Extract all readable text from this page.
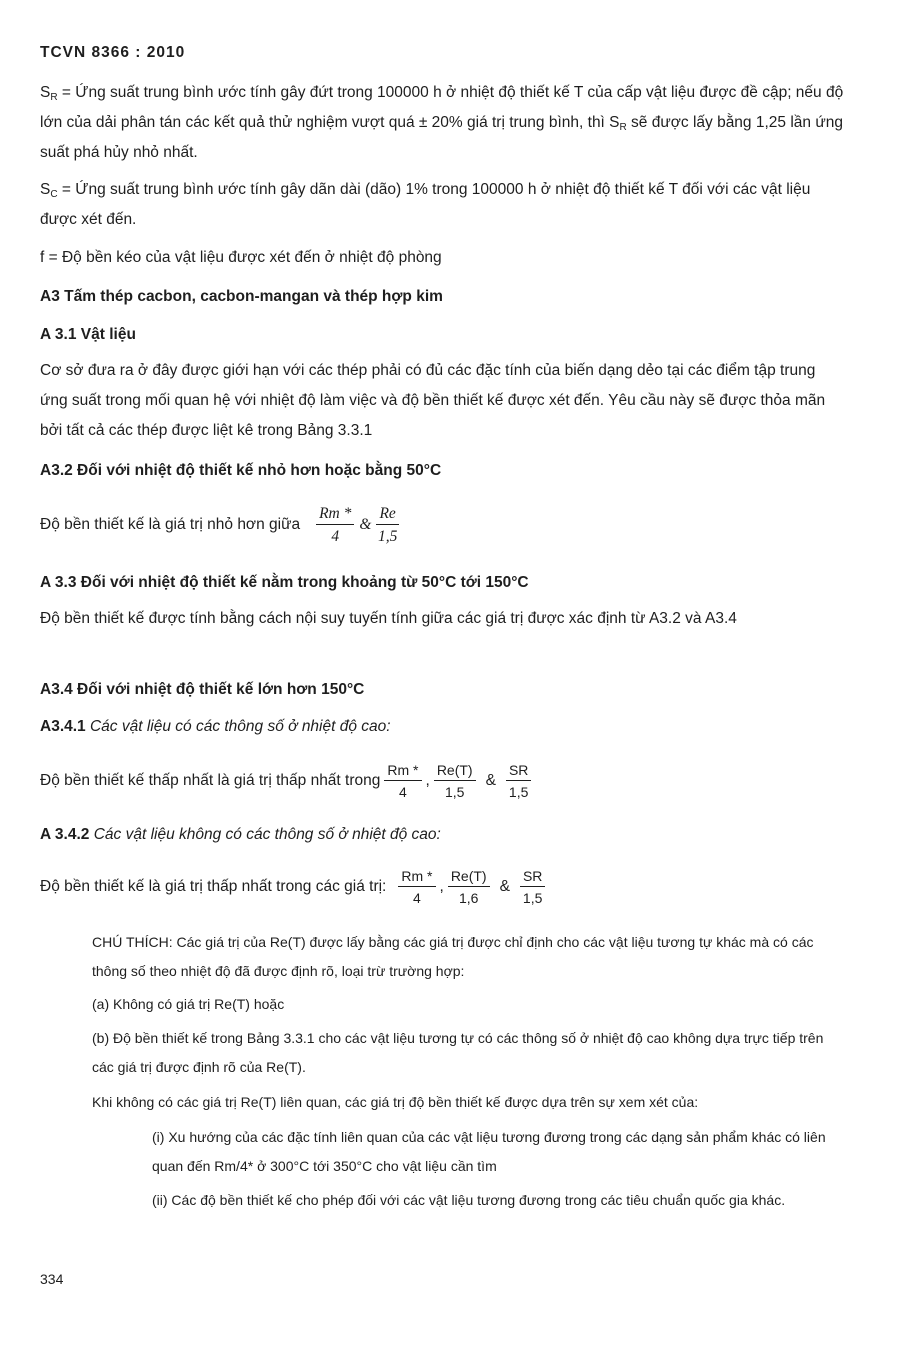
TCVN 8366 : 2010

$S_R$ = Ứng suất trung bình ước tính gây đứt trong 100000 h ở nhiệt độ thiết kế T của cấp vật liệu được đề cập; nếu độ lớn của dải phân tán các kết quả thử nghiệm vượt quá ± 20% giá trị trung bình, thì $S_R$ sẽ được lấy bằng 1,25 lần ứng suất phá hủy nhỏ nhất.

$S_C$ = Ứng suất trung bình ước tính gây dãn dài (dão) 1% trong 100000 h ở nhiệt độ thiết kế T đối với các vật liệu được xét đến.

f = Độ bền kéo của vật liệu được xét đến ở nhiệt độ phòng

A3 Tấm thép cacbon, cacbon-mangan và thép hợp kim

A 3.1 Vật liệu

Cơ sở đưa ra ở đây được giới hạn với các thép phải có đủ các đặc tính của biến dạng dẻo tại các điểm tập trung ứng suất trong mối quan hệ với nhiệt độ làm việc và độ bền thiết kế được xét đến. Yêu cầu này sẽ được thỏa mãn bởi tất cả các thép được liệt kê trong Bảng 3.3.1

A3.2 Đối với nhiệt độ thiết kế nhỏ hơn hoặc bằng 50°C

Độ bền thiết kế là giá trị nhỏ hơn giữa $\frac{Rm *}{4}$ & $\frac{Re}{1,5}$

A 3.3 Đối với nhiệt độ thiết kế nằm trong khoảng từ 50°C tới 150°C

Độ bền thiết kế được tính bằng cách nội suy tuyến tính giữa các giá trị được xác định từ A3.2 và A3.4

A3.4 Đối với nhiệt độ thiết kế lớn hơn 150°C

A3.4.1 Các vật liệu có các thông số ở nhiệt độ cao:

Độ bền thiết kế thấp nhất là giá trị thấp nhất trong $\frac{Rm *}{4}$ , $\frac{Re(T)}{1,5}$ & $\frac{SR}{1,5}$

A 3.4.2 Các vật liệu không có các thông số ở nhiệt độ cao:

Độ bền thiết kế là giá trị thấp nhất trong các giá trị: $\frac{Rm *}{4}$ , $\frac{Re(T)}{1,6}$ & $\frac{SR}{1,5}$

CHÚ THÍCH: Các giá trị của Re(T) được lấy bằng các giá trị được chỉ định cho các vật liệu tương tự khác mà có các thông số theo nhiệt độ đã được định rõ, loại trừ trường hợp:

(a) Không có giá trị Re(T) hoặc

(b) Độ bền thiết kế trong Bảng 3.3.1 cho các vật liệu tương tự có các thông số ở nhiệt độ cao không dựa trực tiếp trên các giá trị được định rõ của Re(T).

Khi không có các giá trị Re(T) liên quan, các giá trị độ bền thiết kế được dựa trên sự xem xét của:

(i) Xu hướng của các đặc tính liên quan của các vật liệu tương đương trong các dạng sản phẩm khác có liên quan đến Rm/4* ở 300°C tới 350°C cho vật liệu cần tìm

(ii) Các độ bền thiết kế cho phép đối với các vật liệu tương đương trong các tiêu chuẩn quốc gia khác.

334
